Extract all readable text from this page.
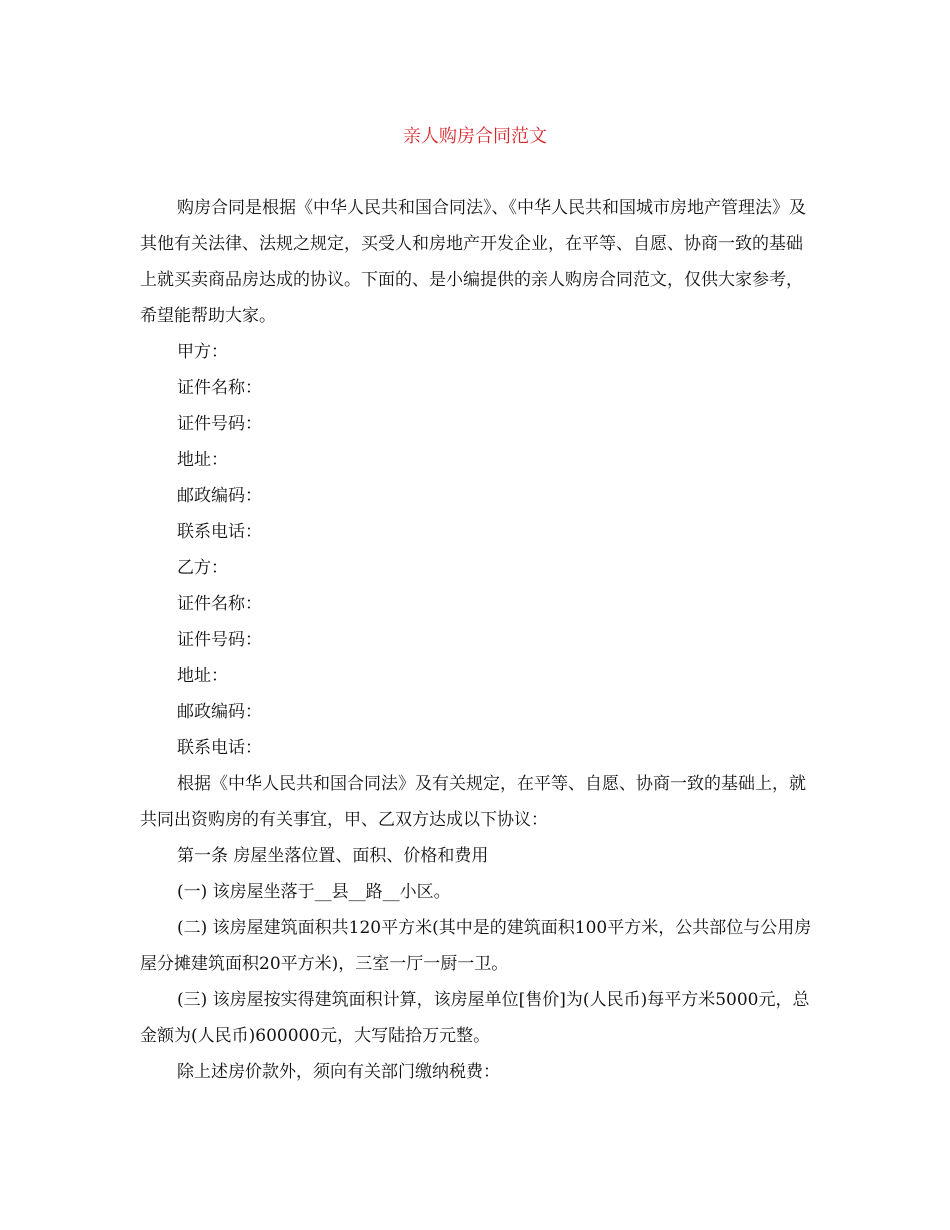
亲人购房合同范文

购房合同是根据《中华人民共和国合同法》、《中华人民共和国城市房地产管理法》及其他有关法律、法规之规定，买受人和房地产开发企业，在平等、自愿、协商一致的基础上就买卖商品房达成的协议。下面的、是小编提供的亲人购房合同范文，仅供大家参考，希望能帮助大家。

甲方：

证件名称：

证件号码：

地址：

邮政编码：

联系电话：

乙方：

证件名称：

证件号码：

地址：

邮政编码：

联系电话：

根据《中华人民共和国合同法》及有关规定，在平等、自愿、协商一致的基础上，就共同出资购房的有关事宜，甲、乙双方达成以下协议：

第一条 房屋坐落位置、面积、价格和费用

(一) 该房屋坐落于__县__路__小区。

(二) 该房屋建筑面积共120平方米(其中是的建筑面积100平方米，公共部位与公用房屋分摊建筑面积20平方米)，三室一厅一厨一卫。

(三) 该房屋按实得建筑面积计算，该房屋单位[售价]为(人民币)每平方米5000元，总金额为(人民币)600000元，大写陆拾万元整。

除上述房价款外，须向有关部门缴纳税费：
